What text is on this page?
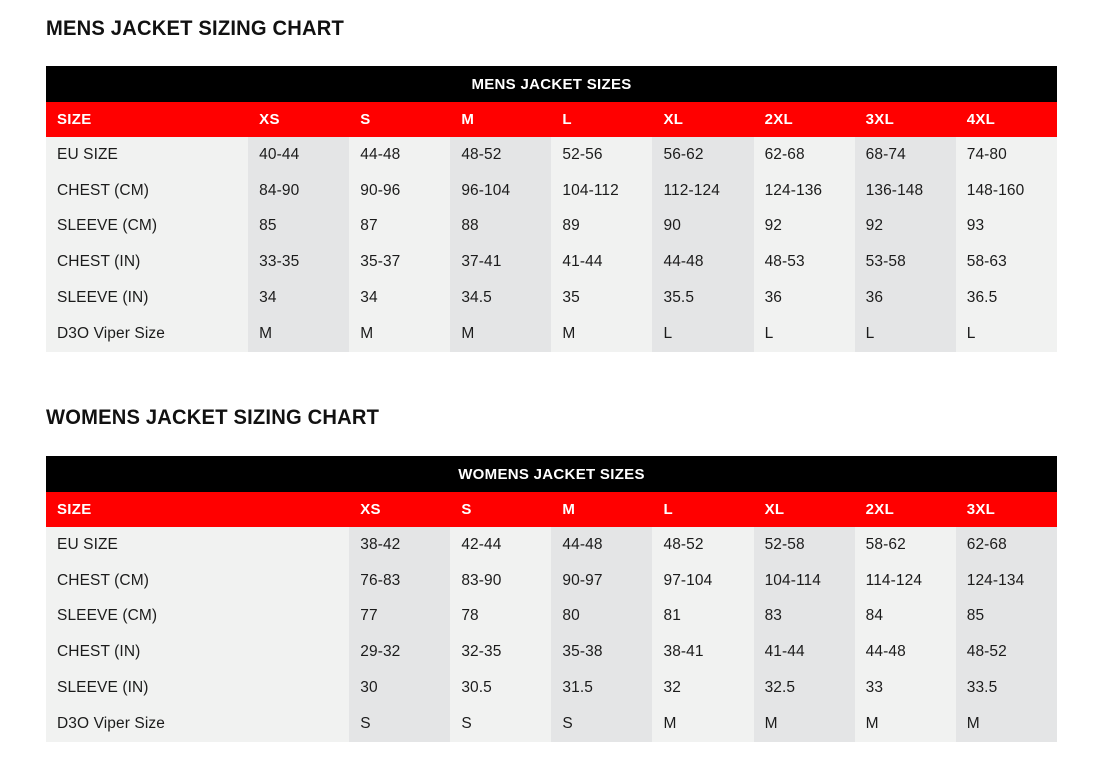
MENS JACKET SIZING CHART
MENS JACKET SIZES								
SIZE	XS	S	M	L	XL	2XL	3XL	4XL
EU SIZE	40-44	44-48	48-52	52-56	56-62	62-68	68-74	74-80
CHEST (CM)	84-90	90-96	96-104	104-112	112-124	124-136	136-148	148-160
SLEEVE (CM)	85	87	88	89	90	92	92	93
CHEST (IN)	33-35	35-37	37-41	41-44	44-48	48-53	53-58	58-63
SLEEVE (IN)	34	34	34.5	35	35.5	36	36	36.5
D3O Viper Size	M	M	M	M	L	L	L	L
WOMENS JACKET SIZING CHART
WOMENS JACKET SIZES							
SIZE	XS	S	M	L	XL	2XL	3XL
EU SIZE	38-42	42-44	44-48	48-52	52-58	58-62	62-68
CHEST (CM)	76-83	83-90	90-97	97-104	104-114	114-124	124-134
SLEEVE (CM)	77	78	80	81	83	84	85
CHEST (IN)	29-32	32-35	35-38	38-41	41-44	44-48	48-52
SLEEVE (IN)	30	30.5	31.5	32	32.5	33	33.5
D3O Viper Size	S	S	S	M	M	M	M
